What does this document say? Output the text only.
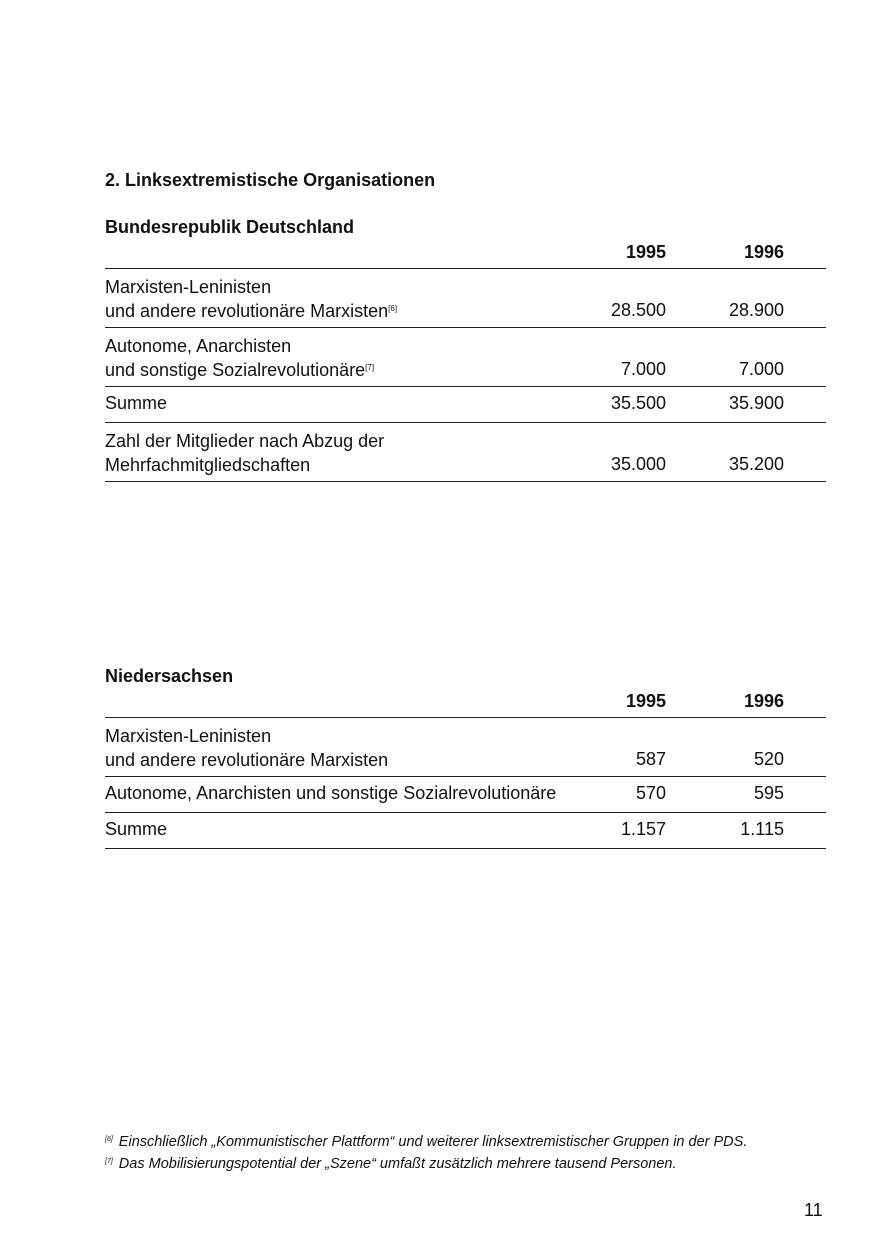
2. Linksextremistische Organisationen
Bundesrepublik Deutschland
1995	1996
Marxisten-Leninisten
und andere revolutionäre Marxisten[6]	28.500	28.900
Autonome, Anarchisten
und sonstige Sozialrevolutionäre[7]	7.000	7.000
Summe	35.500	35.900
Zahl der Mitglieder nach Abzug der
Mehrfachmitgliedschaften	35.000	35.200
Niedersachsen
1995	1996
Marxisten-Leninisten
und andere revolutionäre Marxisten	587	520
Autonome, Anarchisten und sonstige Sozialrevolutionäre	570	595
Summe	1.157	1.115
[6] Einschließlich „Kommunistischer Plattform“ und weiterer linksextremistischer Gruppen in der PDS.
[7] Das Mobilisierungspotential der „Szene“ umfaßt zusätzlich mehrere tausend Personen.
11
